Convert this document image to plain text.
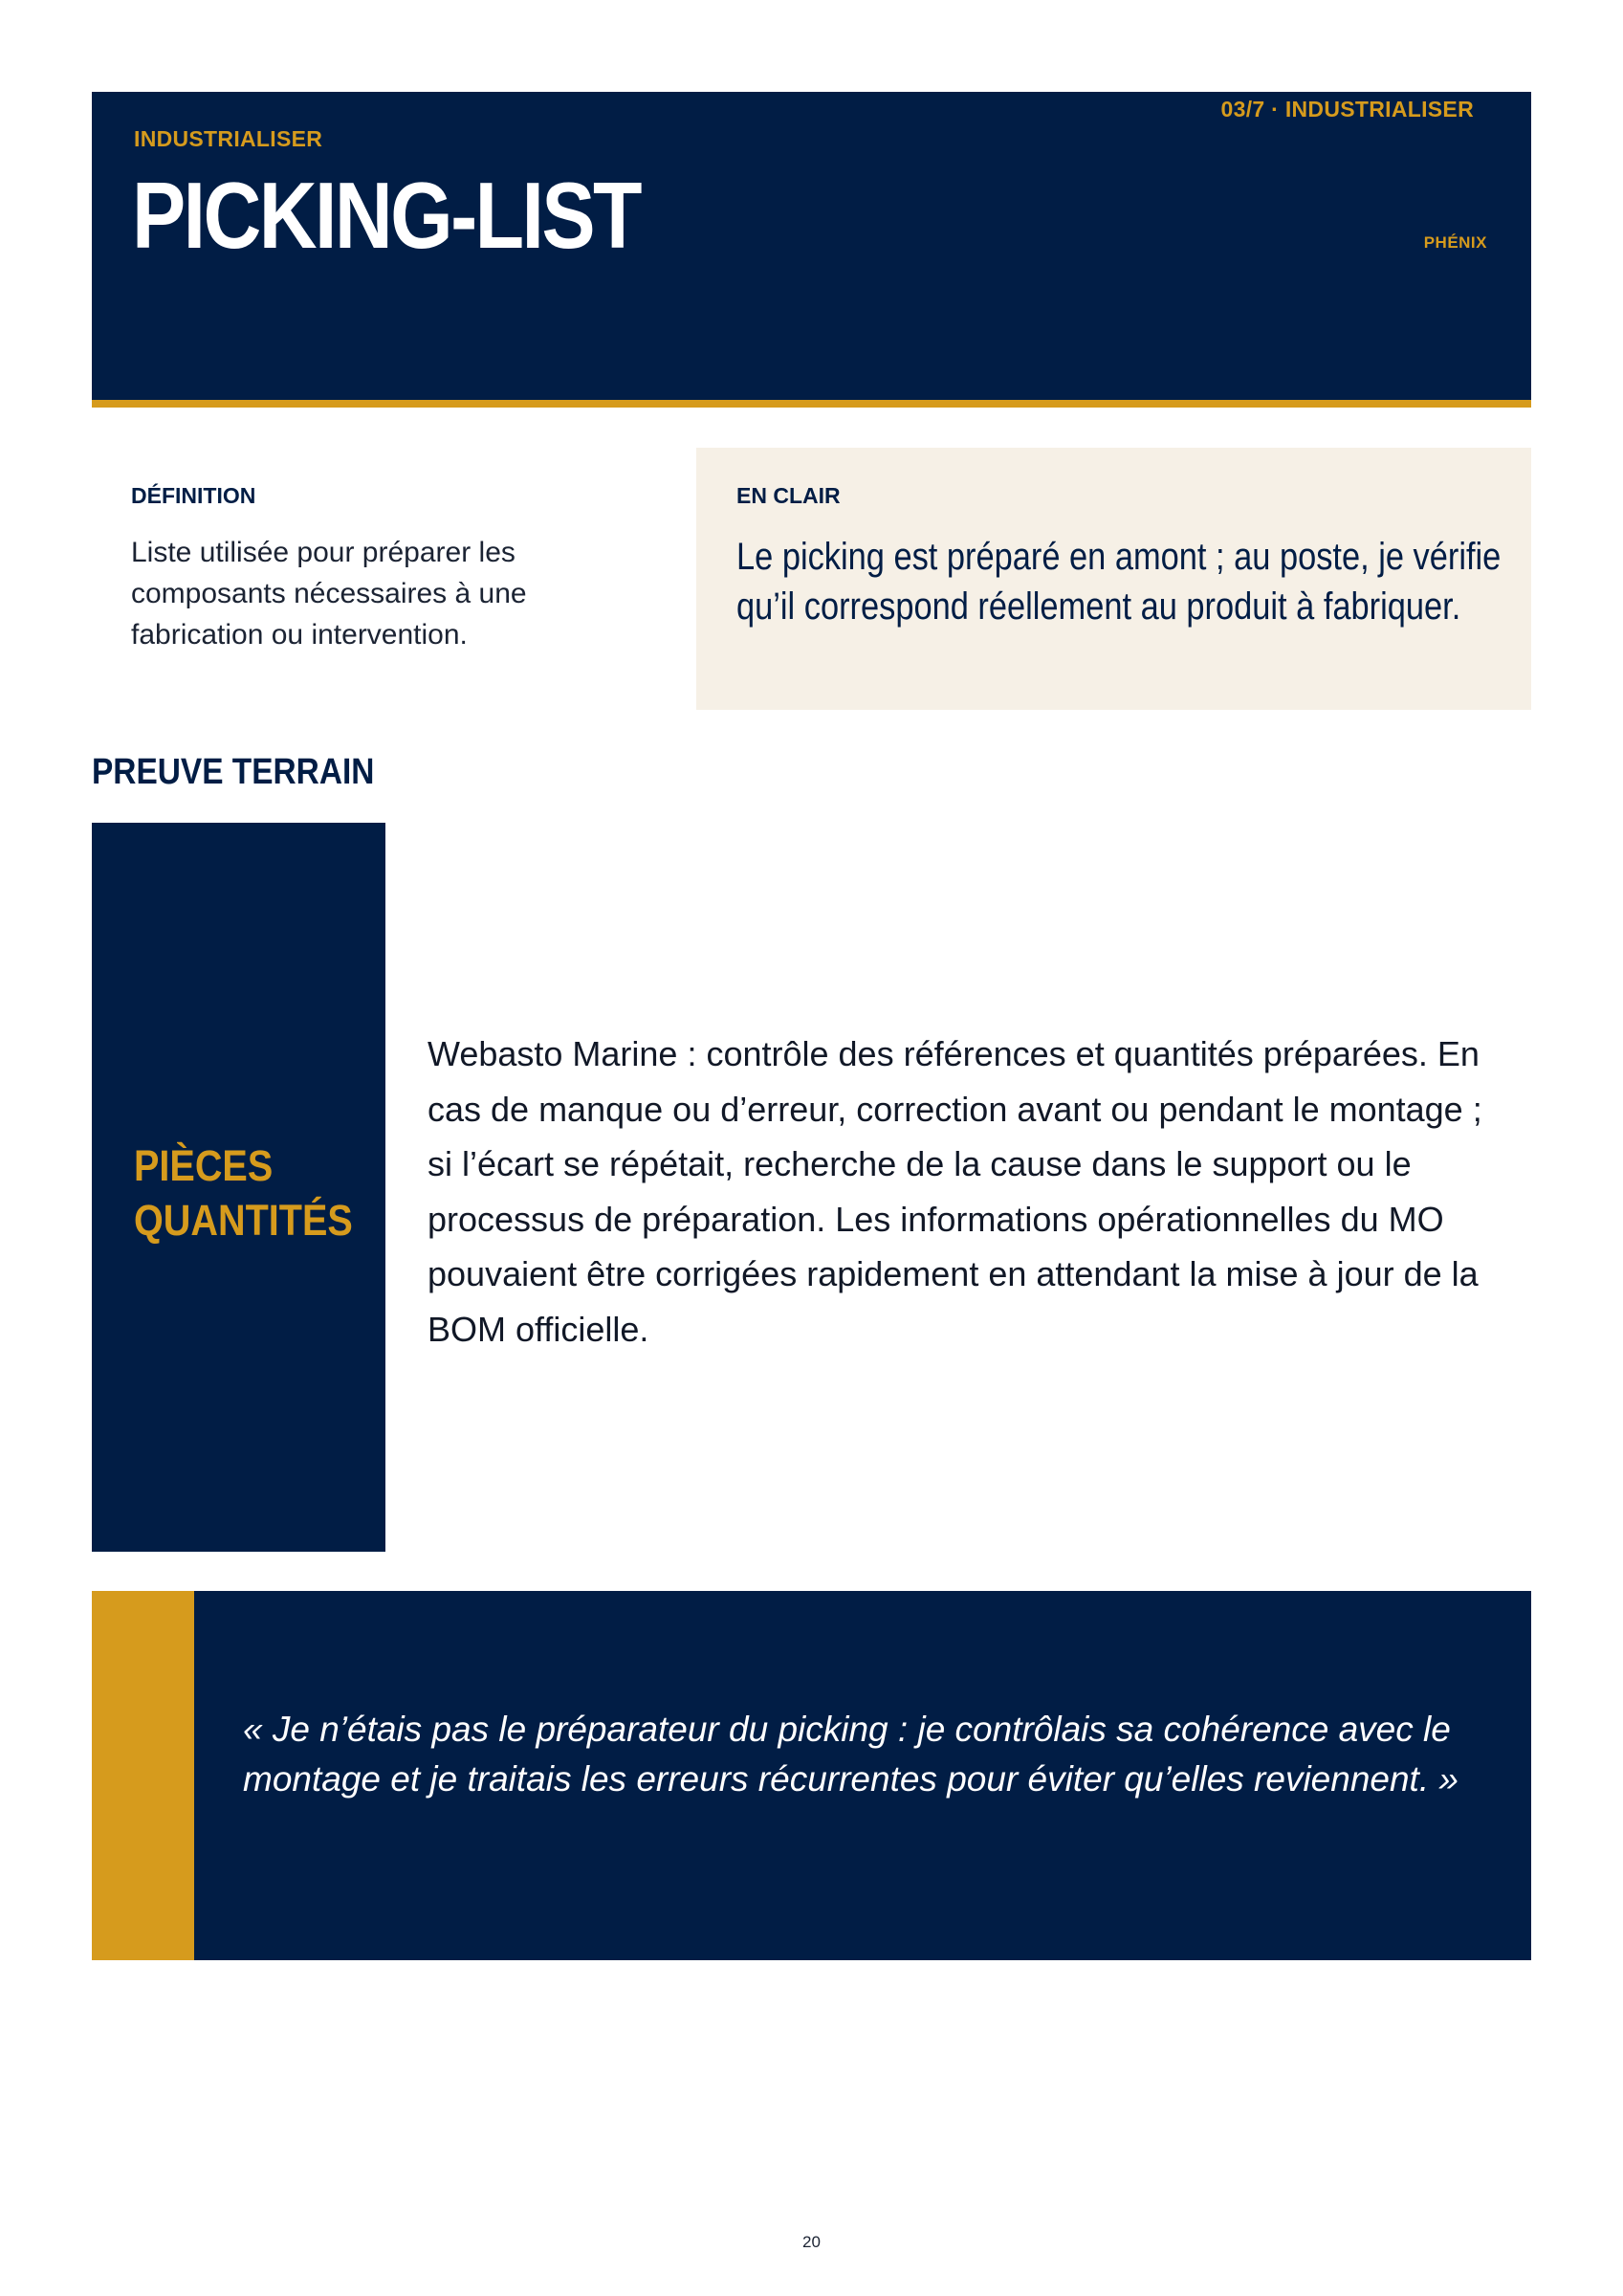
INDUSTRIALISER
03/7 · INDUSTRIALISER
PICKING-LIST	PHÉNIX
DÉFINITION
Liste utilisée pour préparer les composants nécessaires à une fabrication ou intervention.
EN CLAIR
Le picking est préparé en amont ; au poste, je vérifie qu’il correspond réellement au produit à fabriquer.
PREUVE TERRAIN
PIÈCES
QUANTITÉS
Webasto Marine : contrôle des références et quantités préparées. En cas de manque ou d’erreur, correction avant ou pendant le montage ; si l’écart se répétait, recherche de la cause dans le support ou le processus de préparation. Les informations opérationnelles du MO pouvaient être corrigées rapidement en attendant la mise à jour de la BOM officielle.
« Je n’étais pas le préparateur du picking : je contrôlais sa cohérence avec le montage et je traitais les erreurs récurrentes pour éviter qu’elles reviennent. »
20
